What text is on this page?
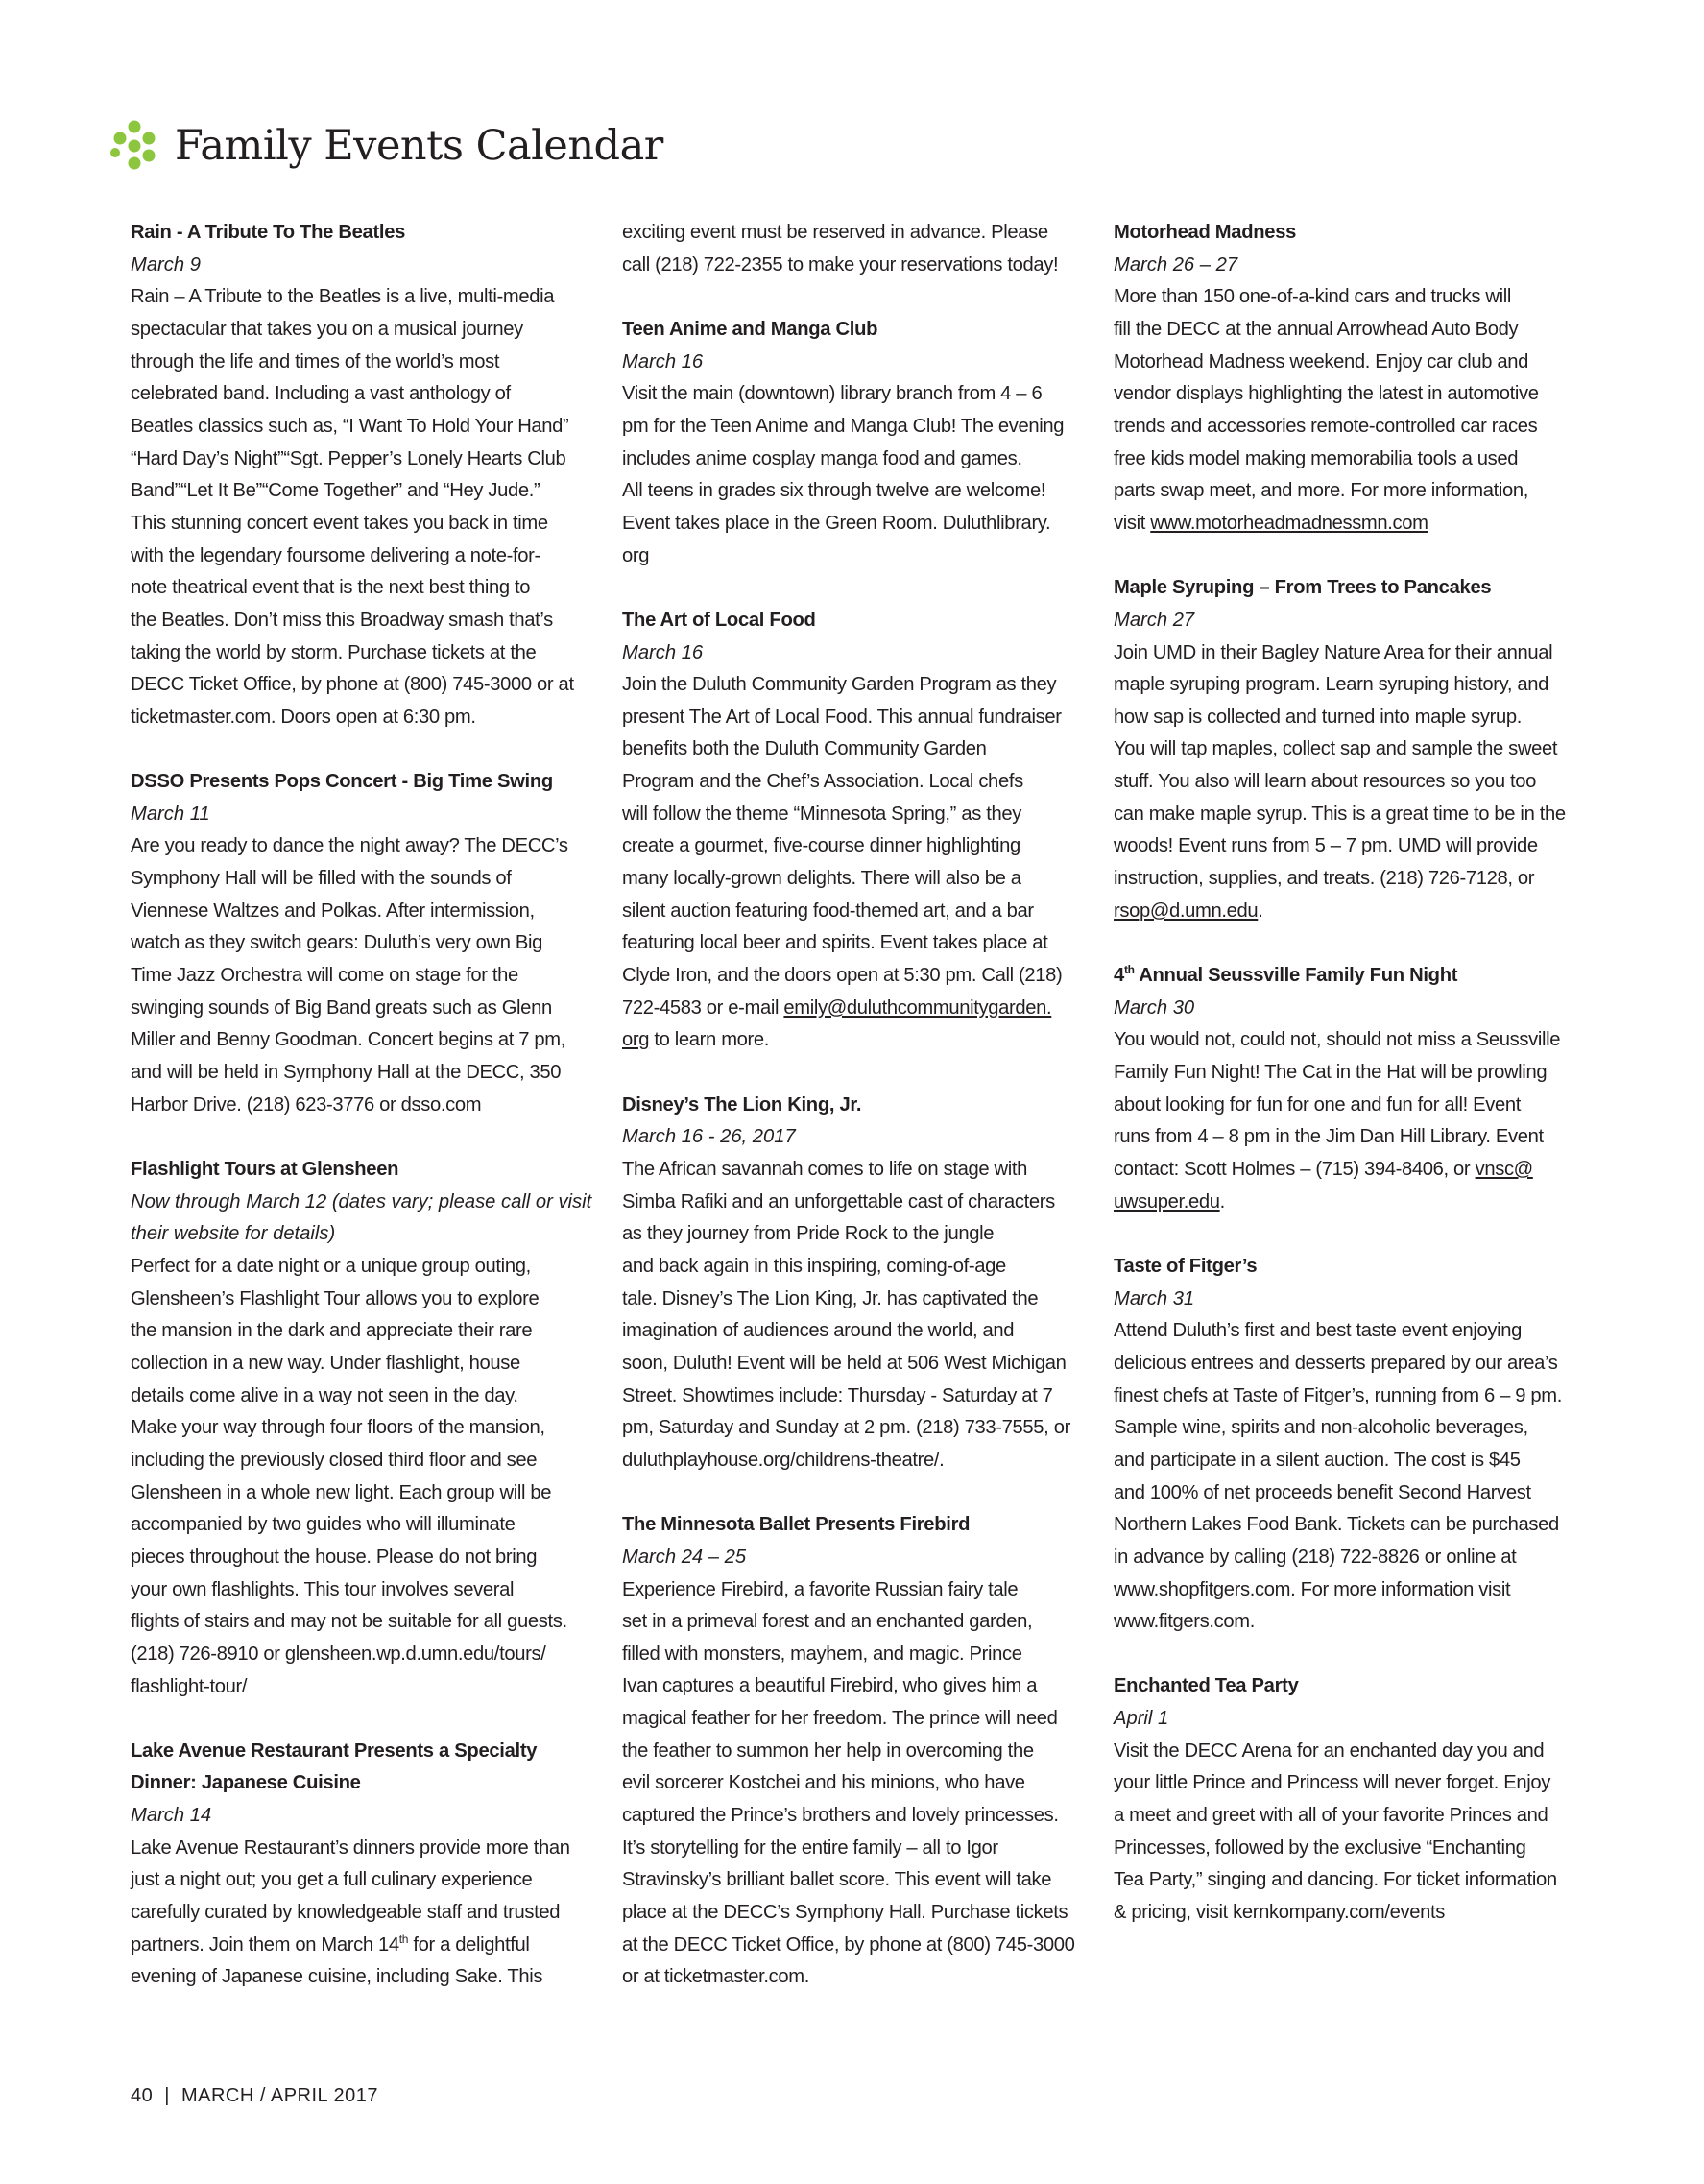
Family Events Calendar
Rain - A Tribute To The Beatles
March 9
Rain – A Tribute to the Beatles is a live, multi-media
spectacular that takes you on a musical journey
through the life and times of the world’s most
celebrated band. Including a vast anthology of
Beatles classics such as, “I Want To Hold Your Hand”
“Hard Day’s Night”“Sgt. Pepper’s Lonely Hearts Club
Band”“Let It Be”“Come Together” and “Hey Jude.”
This stunning concert event takes you back in time
with the legendary foursome delivering a note-for-
note theatrical event that is the next best thing to
the Beatles. Don’t miss this Broadway smash that’s
taking the world by storm. Purchase tickets at the
DECC Ticket Office, by phone at (800) 745-3000 or at
ticketmaster.com. Doors open at 6:30 pm.
DSSO Presents Pops Concert - Big Time Swing
March 11
Are you ready to dance the night away? The DECC’s
Symphony Hall will be filled with the sounds of
Viennese Waltzes and Polkas. After intermission,
watch as they switch gears: Duluth’s very own Big
Time Jazz Orchestra will come on stage for the
swinging sounds of Big Band greats such as Glenn
Miller and Benny Goodman. Concert begins at 7 pm,
and will be held in Symphony Hall at the DECC, 350
Harbor Drive. (218) 623-3776 or dsso.com
Flashlight Tours at Glensheen
Now through March 12 (dates vary; please call or visit
their website for details)
Perfect for a date night or a unique group outing,
Glensheen’s Flashlight Tour allows you to explore
the mansion in the dark and appreciate their rare
collection in a new way. Under flashlight, house
details come alive in a way not seen in the day.
Make your way through four floors of the mansion,
including the previously closed third floor and see
Glensheen in a whole new light. Each group will be
accompanied by two guides who will illuminate
pieces throughout the house. Please do not bring
your own flashlights. This tour involves several
flights of stairs and may not be suitable for all guests.
(218) 726-8910 or glensheen.wp.d.umn.edu/tours/
flashlight-tour/
Lake Avenue Restaurant Presents a Specialty
Dinner: Japanese Cuisine
March 14
Lake Avenue Restaurant’s dinners provide more than
just a night out; you get a full culinary experience
carefully curated by knowledgeable staff and trusted
partners. Join them on March 14th for a delightful
evening of Japanese cuisine, including Sake. This
exciting event must be reserved in advance. Please
call (218) 722-2355 to make your reservations today!
Teen Anime and Manga Club
March 16
Visit the main (downtown) library branch from 4 – 6
pm for the Teen Anime and Manga Club! The evening
includes anime cosplay manga food and games.
All teens in grades six through twelve are welcome!
Event takes place in the Green Room. Duluthlibrary.
org
The Art of Local Food
March 16
Join the Duluth Community Garden Program as they
present The Art of Local Food. This annual fundraiser
benefits both the Duluth Community Garden
Program and the Chef’s Association. Local chefs
will follow the theme “Minnesota Spring,” as they
create a gourmet, five-course dinner highlighting
many locally-grown delights. There will also be a
silent auction featuring food-themed art, and a bar
featuring local beer and spirits. Event takes place at
Clyde Iron, and the doors open at 5:30 pm. Call (218)
722-4583 or e-mail emily@duluthcommunitygarden.
org to learn more.
Disney’s The Lion King, Jr.
March 16 - 26, 2017
The African savannah comes to life on stage with
Simba Rafiki and an unforgettable cast of characters
as they journey from Pride Rock to the jungle
and back again in this inspiring, coming-of-age
tale. Disney’s The Lion King, Jr. has captivated the
imagination of audiences around the world, and
soon, Duluth! Event will be held at 506 West Michigan
Street. Showtimes include: Thursday - Saturday at 7
pm, Saturday and Sunday at 2 pm. (218) 733-7555, or
duluthplayhouse.org/childrens-theatre/.
The Minnesota Ballet Presents Firebird
March 24 – 25
Experience Firebird, a favorite Russian fairy tale
set in a primeval forest and an enchanted garden,
filled with monsters, mayhem, and magic. Prince
Ivan captures a beautiful Firebird, who gives him a
magical feather for her freedom. The prince will need
the feather to summon her help in overcoming the
evil sorcerer Kostchei and his minions, who have
captured the Prince’s brothers and lovely princesses.
It’s storytelling for the entire family – all to Igor
Stravinsky’s brilliant ballet score. This event will take
place at the DECC’s Symphony Hall. Purchase tickets
at the DECC Ticket Office, by phone at (800) 745-3000
or at ticketmaster.com.
Motorhead Madness
March 26 – 27
More than 150 one-of-a-kind cars and trucks will
fill the DECC at the annual Arrowhead Auto Body
Motorhead Madness weekend. Enjoy car club and
vendor displays highlighting the latest in automotive
trends and accessories remote-controlled car races
free kids model making memorabilia tools a used
parts swap meet, and more. For more information,
visit www.motorheadmadnessmn.com
Maple Syruping – From Trees to Pancakes
March 27
Join UMD in their Bagley Nature Area for their annual
maple syruping program. Learn syruping history, and
how sap is collected and turned into maple syrup.
You will tap maples, collect sap and sample the sweet
stuff. You also will learn about resources so you too
can make maple syrup. This is a great time to be in the
woods! Event runs from 5 – 7 pm. UMD will provide
instruction, supplies, and treats. (218) 726-7128, or
rsop@d.umn.edu.
4th Annual Seussville Family Fun Night
March 30
You would not, could not, should not miss a Seussville
Family Fun Night! The Cat in the Hat will be prowling
about looking for fun for one and fun for all! Event
runs from 4 – 8 pm in the Jim Dan Hill Library. Event
contact: Scott Holmes – (715) 394-8406, or vnsc@
uwsuper.edu.
Taste of Fitger’s
March 31
Attend Duluth’s first and best taste event enjoying
delicious entrees and desserts prepared by our area’s
finest chefs at Taste of Fitger’s, running from 6 – 9 pm.
Sample wine, spirits and non-alcoholic beverages,
and participate in a silent auction. The cost is $45
and 100% of net proceeds benefit Second Harvest
Northern Lakes Food Bank. Tickets can be purchased
in advance by calling (218) 722-8826 or online at
www.shopfitgers.com. For more information visit
www.fitgers.com.
Enchanted Tea Party
April 1
Visit the DECC Arena for an enchanted day you and
your little Prince and Princess will never forget. Enjoy
a meet and greet with all of your favorite Princes and
Princesses, followed by the exclusive “Enchanting
Tea Party,” singing and dancing. For ticket information
& pricing, visit kernkompany.com/events
40 | MARCH / APRIL 2017
